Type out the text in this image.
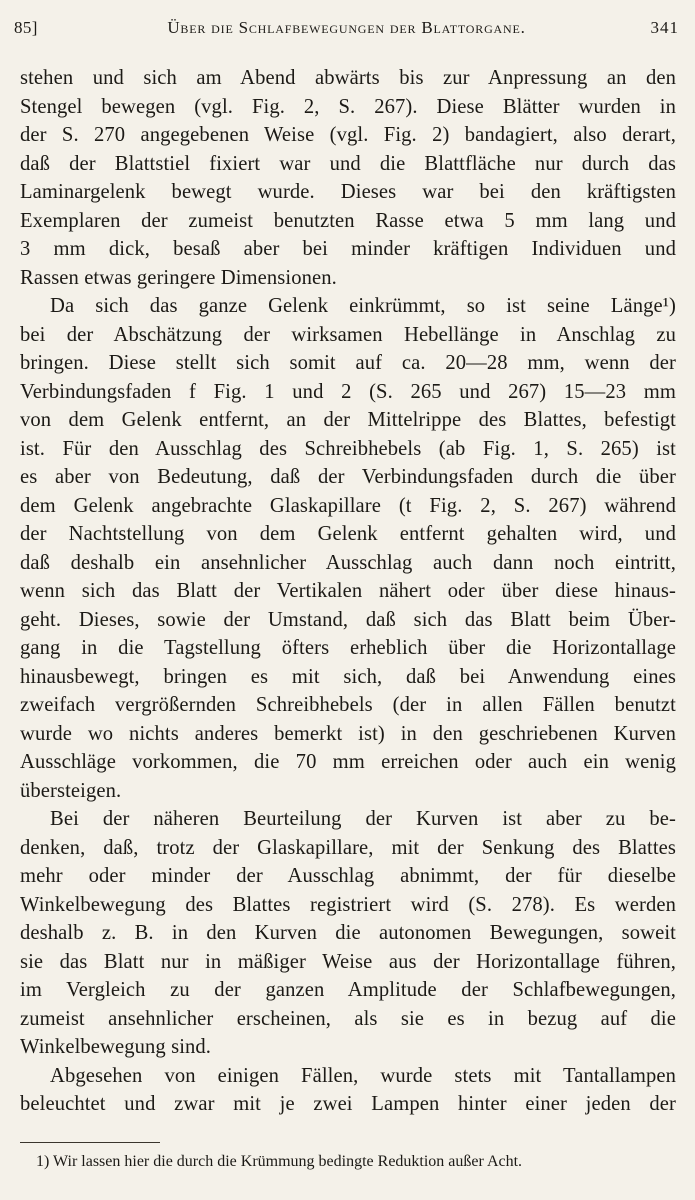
85]	Über die Schlafbewegungen der Blattorgane.	341

stehen und sich am Abend abwärts bis zur Anpressung an den
Stengel bewegen (vgl. Fig. 2, S. 267). Diese Blätter wurden in
der S. 270 angegebenen Weise (vgl. Fig. 2) bandagiert, also derart,
daß der Blattstiel fixiert war und die Blattfläche nur durch das
Laminargelenk bewegt wurde. Dieses war bei den kräftigsten
Exemplaren der zumeist benutzten Rasse etwa 5 mm lang und
3 mm dick, besaß aber bei minder kräftigen Individuen und
Rassen etwas geringere Dimensionen.

Da sich das ganze Gelenk einkrümmt, so ist seine Länge¹)
bei der Abschätzung der wirksamen Hebellänge in Anschlag zu
bringen. Diese stellt sich somit auf ca. 20—28 mm, wenn der
Verbindungsfaden f Fig. 1 und 2 (S. 265 und 267) 15—23 mm
von dem Gelenk entfernt, an der Mittelrippe des Blattes, befestigt
ist. Für den Ausschlag des Schreibhebels (ab Fig. 1, S. 265) ist
es aber von Bedeutung, daß der Verbindungsfaden durch die über
dem Gelenk angebrachte Glaskapillare (t Fig. 2, S. 267) während
der Nachtstellung von dem Gelenk entfernt gehalten wird, und
daß deshalb ein ansehnlicher Ausschlag auch dann noch eintritt,
wenn sich das Blatt der Vertikalen nähert oder über diese hinaus-
geht. Dieses, sowie der Umstand, daß sich das Blatt beim Über-
gang in die Tagstellung öfters erheblich über die Horizontallage
hinausbewegt, bringen es mit sich, daß bei Anwendung eines
zweifach vergrößernden Schreibhebels (der in allen Fällen benutzt
wurde wo nichts anderes bemerkt ist) in den geschriebenen Kurven
Ausschläge vorkommen, die 70 mm erreichen oder auch ein wenig
übersteigen.

Bei der näheren Beurteilung der Kurven ist aber zu be-
denken, daß, trotz der Glaskapillare, mit der Senkung des Blattes
mehr oder minder der Ausschlag abnimmt, der für dieselbe
Winkelbewegung des Blattes registriert wird (S. 278). Es werden
deshalb z. B. in den Kurven die autonomen Bewegungen, soweit
sie das Blatt nur in mäßiger Weise aus der Horizontallage führen,
im Vergleich zu der ganzen Amplitude der Schlafbewegungen,
zumeist ansehnlicher erscheinen, als sie es in bezug auf die
Winkelbewegung sind.

Abgesehen von einigen Fällen, wurde stets mit Tantallampen
beleuchtet und zwar mit je zwei Lampen hinter einer jeden der

1) Wir lassen hier die durch die Krümmung bedingte Reduktion außer Acht.
